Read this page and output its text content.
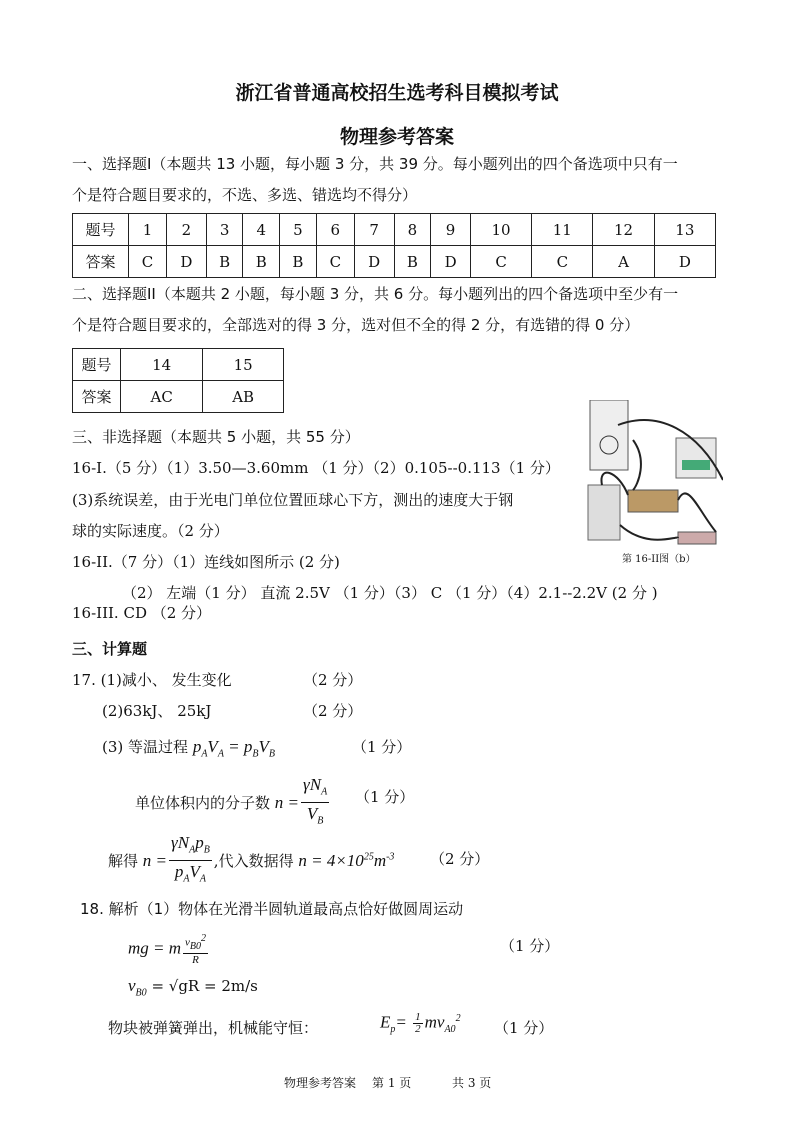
浙江省普通高校招生选考科目模拟考试
物理参考答案
一、选择题I（本题共 13 小题，每小题 3 分，共 39 分。每小题列出的四个备选项中只有一
个是符合题目要求的，不选、多选、错选均不得分）
题号	1	2	3	4	5	6	7	8	9	10	11	12	13
答案	C	D	B	B	B	C	D	B	D	C	C	A	D
二、选择题II（本题共 2 小题，每小题 3 分，共 6 分。每小题列出的四个备选项中至少有一
个是符合题目要求的，全部选对的得 3 分，选对但不全的得 2 分，有选错的得 0 分）
题号	14	15
答案	AC	AB
三、非选择题（本题共 5 小题，共 55 分）
16-I.（5 分）（1）3.50—3.60mm （1 分）（2）0.105--0.113（1 分）
(3)系统误差，由于光电门单位位置匝球心下方，测出的速度大于钢
球的实际速度。（2 分）
16-II.（7 分）（1）连线如图所示 (2 分)
（2） 左端（1 分） 直流 2.5V （1 分）（3） C （1 分）（4）2.1--2.2V (2 分 )
16-III. CD （2 分）
第 16-II图（b）
三、计算题
17. (1)减小、 发生变化	（2 分）
(2)63kJ、 25kJ	（2 分）
(3) 等温过程 $p_AV_A = p_BV_B$	（1 分）
单位体积内的分子数 $n = \frac{\gamma N_A}{V_B} (1$ 分）
解得 $n = \frac{\gamma N_Ap_B}{p_AV_A}$ ,代入数据得 $n = 4\times 10^{25}m^{-3}$ （2 分）
18. 解析（1）物体在光滑半圆轨道最高点恰好做圆周运动
mg = m $\frac{v_{B0}^2}{R}$	（1 分）
$v_{B0} = √gR = 2m/s$
物块被弹簧弹出，机械能守恒：	$E_p= \frac{1}{2} mv_{A0}^2$
（1 分）
物理参考答案 第 1 页	共 3 页
